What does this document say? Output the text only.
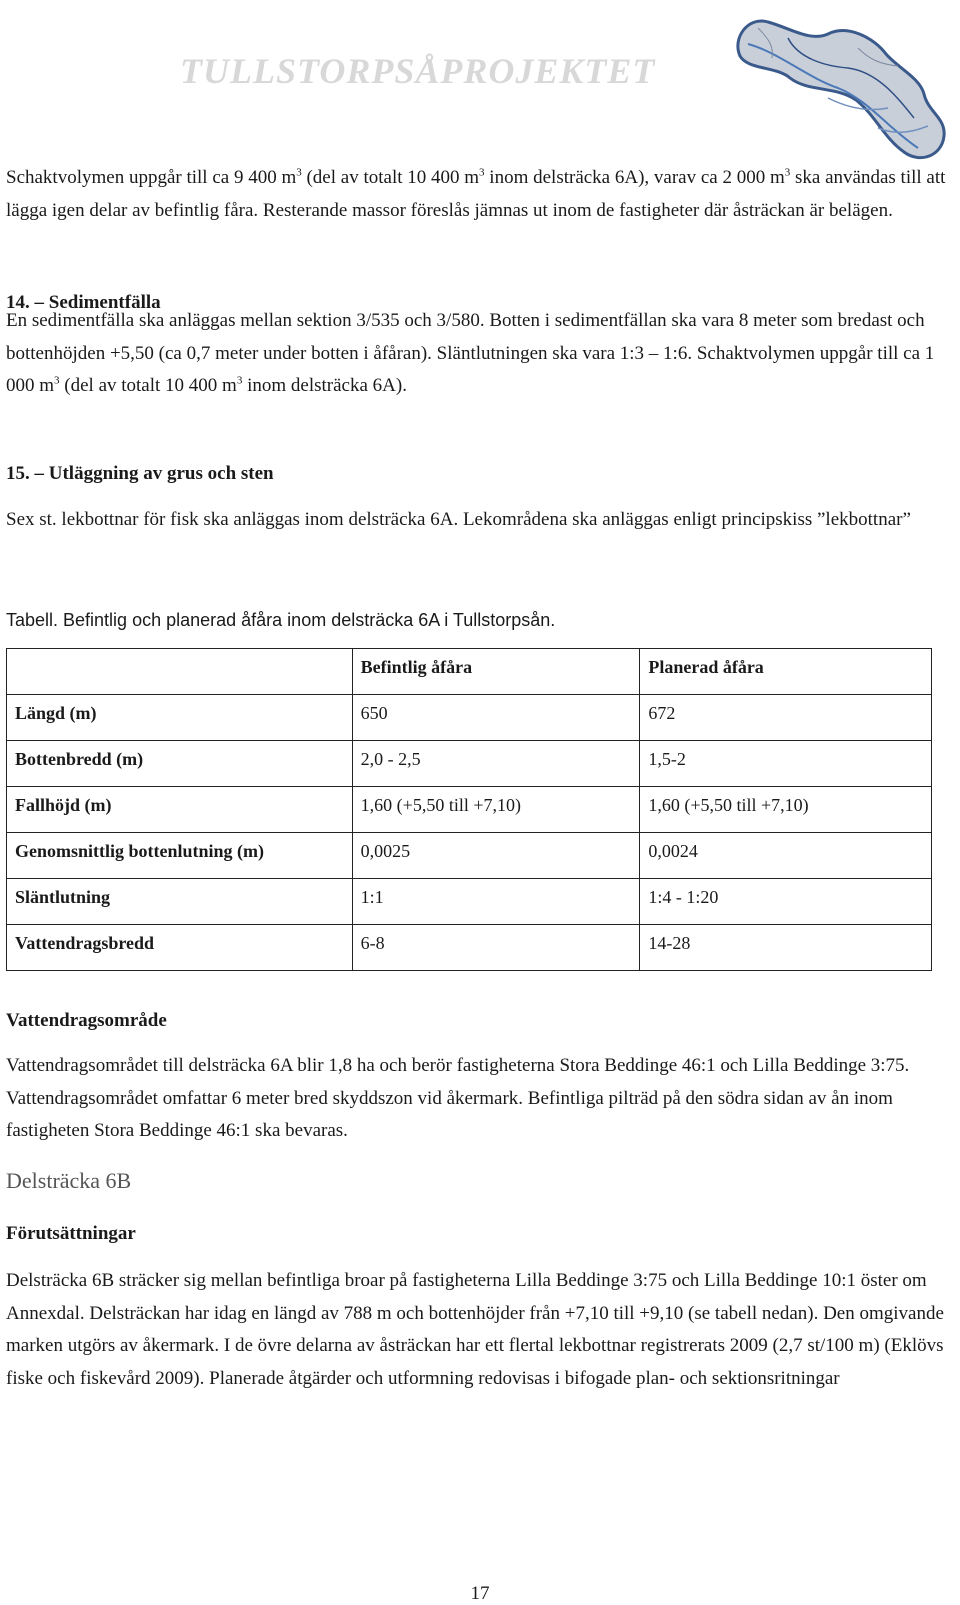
TULLSTORPSÅPROJEKTET
Schaktvolymen uppgår till ca 9 400 $m^3$ (del av totalt 10 400 $m^3$ inom delsträcka 6A), varav ca 2 000 $m^3$ ska användas till att lägga igen delar av befintlig fåra. Resterande massor föreslås jämnas ut inom de fastigheter där åsträckan är belägen.
14. – Sedimentfälla
En sedimentfälla ska anläggas mellan sektion 3/535 och 3/580. Botten i sedimentfällan ska vara 8 meter som bredast och bottenhöjden +5,50 (ca 0,7 meter under botten i åfåran). Släntlutningen ska vara 1:3 – 1:6. Schaktvolymen uppgår till ca 1 000 $m^3$ (del av totalt 10 400 $m^3$ inom delsträcka 6A).
15. – Utläggning av grus och sten
Sex st. lekbottnar för fisk ska anläggas inom delsträcka 6A. Lekområdena ska anläggas enligt principskiss ”lekbottnar”
Tabell. Befintlig och planerad åfåra inom delsträcka 6A i Tullstorpsån.
	Befintlig åfåra	Planerad åfåra
Längd (m)	650	672
Bottenbredd (m)	2,0 - 2,5	1,5-2
Fallhöjd (m)	1,60 (+5,50 till +7,10)	1,60 (+5,50 till +7,10)
Genomsnittlig bottenlutning (m)	0,0025	0,0024
Släntlutning	1:1	1:4 - 1:20
Vattendragsbredd	6-8	14-28
Vattendragsområde
Vattendragsområdet till delsträcka 6A blir 1,8 ha och berör fastigheterna Stora Beddinge 46:1 och Lilla Beddinge 3:75. Vattendragsområdet omfattar 6 meter bred skyddszon vid åkermark. Befintliga pilträd på den södra sidan av ån inom fastigheten Stora Beddinge 46:1 ska bevaras.
Delsträcka 6B
Förutsättningar
Delsträcka 6B sträcker sig mellan befintliga broar på fastigheterna Lilla Beddinge 3:75 och Lilla Beddinge 10:1 öster om Annexdal. Delsträckan har idag en längd av 788 m och bottenhöjder från +7,10 till +9,10 (se tabell nedan). Den omgivande marken utgörs av åkermark. I de övre delarna av åsträckan har ett flertal lekbottnar registrerats 2009 (2,7 st/100 m) (Eklövs fiske och fiskevård 2009). Planerade åtgärder och utformning redovisas i bifogade plan- och sektionsritningar
17
